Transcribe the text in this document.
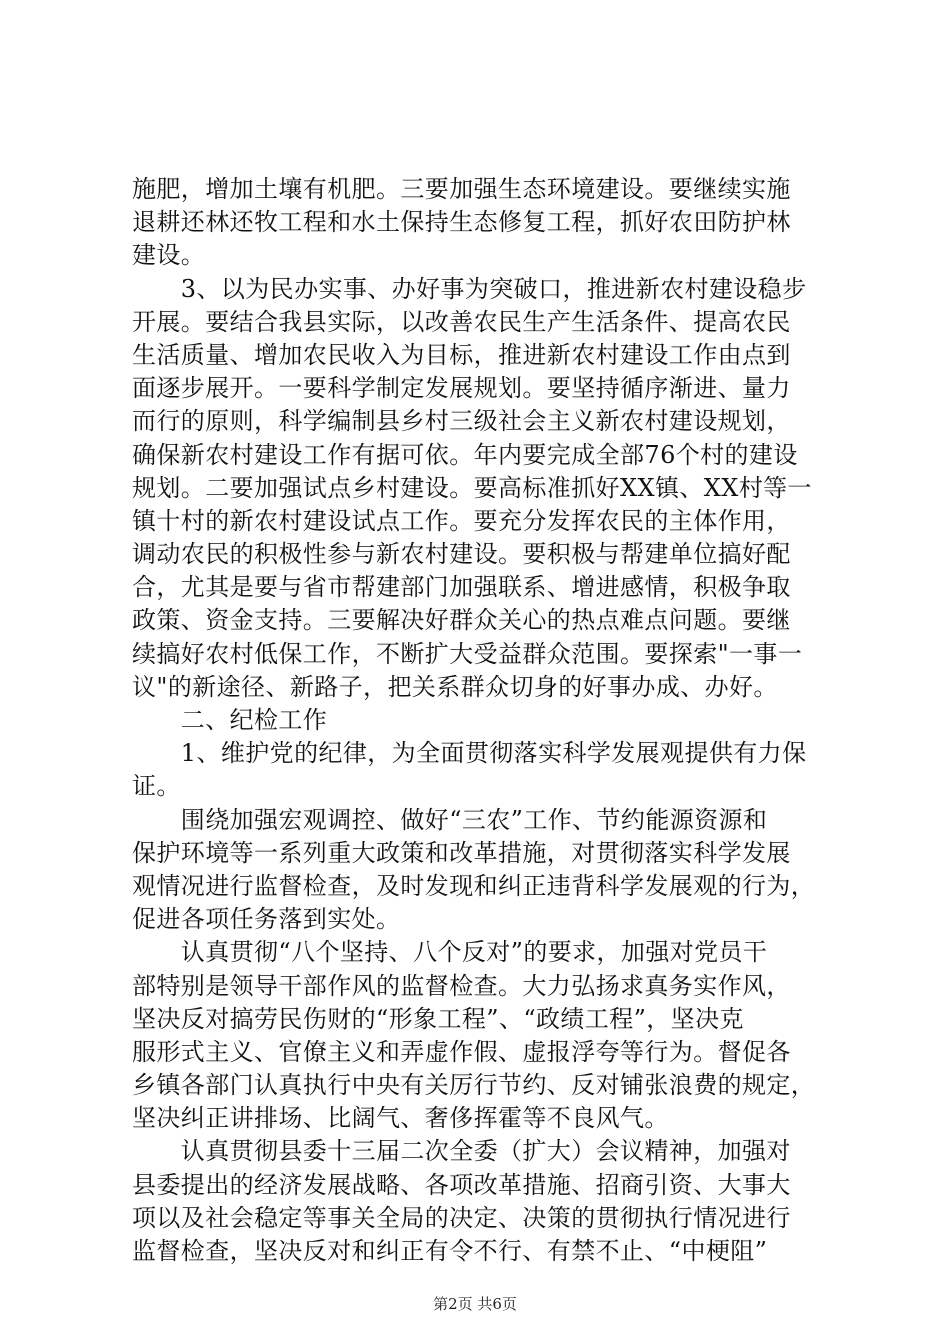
施肥，增加土壤有机肥。三要加强生态环境建设。要继续实施
退耕还林还牧工程和水土保持生态修复工程，抓好农田防护林
建设。
　　3、以为民办实事、办好事为突破口，推进新农村建设稳步
开展。要结合我县实际，以改善农民生产生活条件、提高农民
生活质量、增加农民收入为目标，推进新农村建设工作由点到
面逐步展开。一要科学制定发展规划。要坚持循序渐进、量力
而行的原则，科学编制县乡村三级社会主义新农村建设规划，
确保新农村建设工作有据可依。年内要完成全部76个村的建设
规划。二要加强试点乡村建设。要高标准抓好XX镇、XX村等一
镇十村的新农村建设试点工作。要充分发挥农民的主体作用，
调动农民的积极性参与新农村建设。要积极与帮建单位搞好配
合，尤其是要与省市帮建部门加强联系、增进感情，积极争取
政策、资金支持。三要解决好群众关心的热点难点问题。要继
续搞好农村低保工作，不断扩大受益群众范围。要探索"一事一
议"的新途径、新路子，把关系群众切身的好事办成、办好。
　　二、纪检工作
　　1、维护党的纪律，为全面贯彻落实科学发展观提供有力保
证。
　　围绕加强宏观调控、做好“三农”工作、节约能源资源和
保护环境等一系列重大政策和改革措施，对贯彻落实科学发展
观情况进行监督检查，及时发现和纠正违背科学发展观的行为，
促进各项任务落到实处。
　　认真贯彻“八个坚持、八个反对”的要求，加强对党员干
部特别是领导干部作风的监督检查。大力弘扬求真务实作风，
坚决反对搞劳民伤财的“形象工程”、“政绩工程”，坚决克
服形式主义、官僚主义和弄虚作假、虚报浮夸等行为。督促各
乡镇各部门认真执行中央有关厉行节约、反对铺张浪费的规定，
坚决纠正讲排场、比阔气、奢侈挥霍等不良风气。
　　认真贯彻县委十三届二次全委（扩大）会议精神，加强对
县委提出的经济发展战略、各项改革措施、招商引资、大事大
项以及社会稳定等事关全局的决定、决策的贯彻执行情况进行
监督检查，坚决反对和纠正有令不行、有禁不止、“中梗阻”
第2页 共6页
